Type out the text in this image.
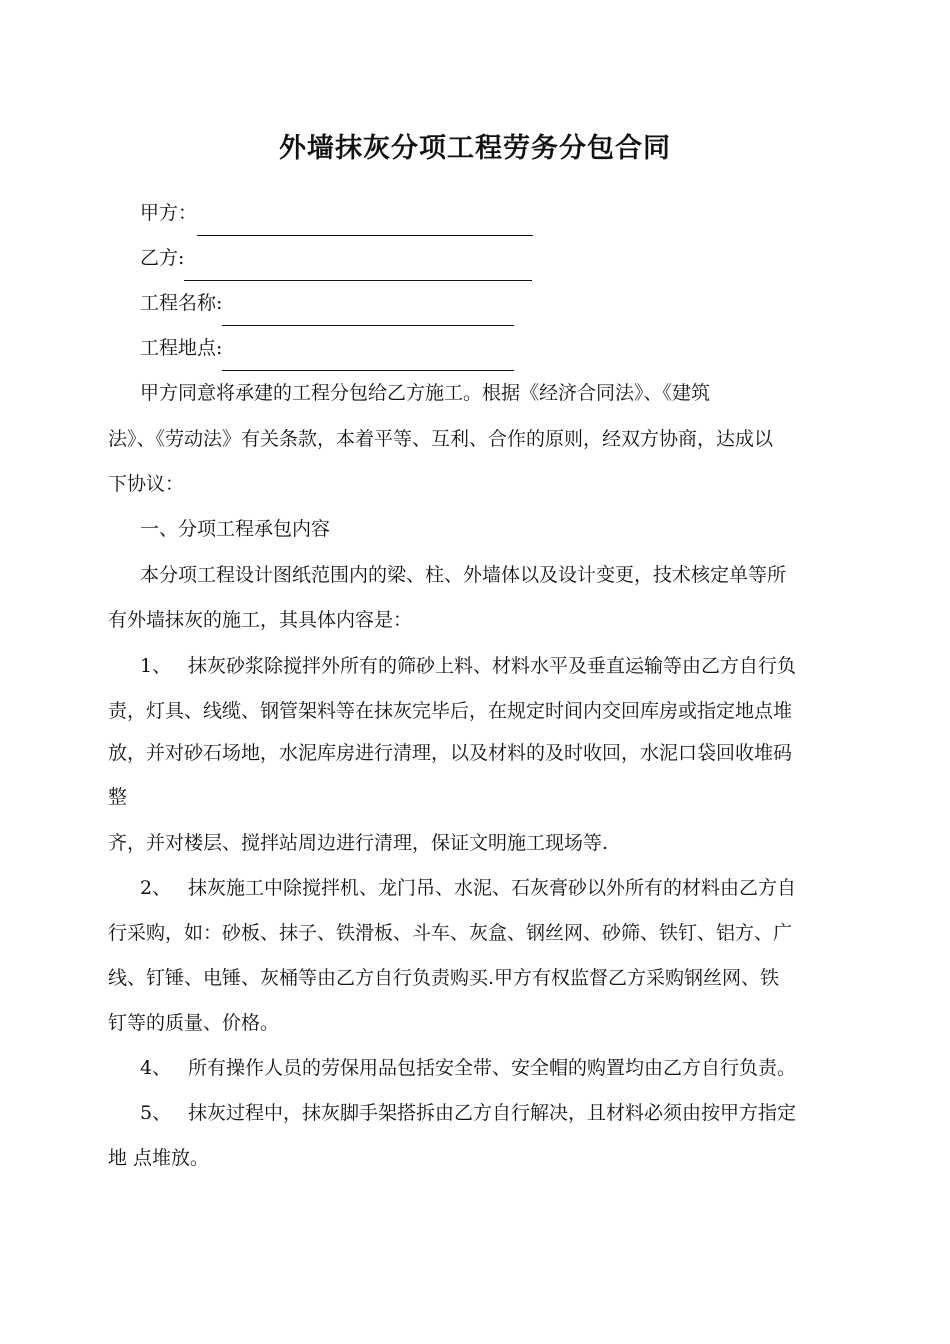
外墙抹灰分项工程劳务分包合同
甲方：
乙方:
工程名称:
工程地点:
甲方同意将承建的工程分包给乙方施工。根据《经济合同法》、《建筑
法》、《劳动法》有关条款，本着平等、互利、合作的原则，经双方协商，达成以
下协议：
一、分项工程承包内容
本分项工程设计图纸范围内的梁、柱、外墙体以及设计变更，技术核定单等所
有外墙抹灰的施工，其具体内容是：
1、 抹灰砂浆除搅拌外所有的筛砂上料、材料水平及垂直运输等由乙方自行负
责，灯具、线缆、钢管架料等在抹灰完毕后，在规定时间内交回库房或指定地点堆
放，并对砂石场地，水泥库房进行清理，以及材料的及时收回，水泥口袋回收堆码
整
齐，并对楼层、搅拌站周边进行清理，保证文明施工现场等.
2、 抹灰施工中除搅拌机、龙门吊、水泥、石灰膏砂以外所有的材料由乙方自
行采购，如：砂板、抹子、铁滑板、斗车、灰盒、钢丝网、砂筛、铁钉、铝方、广
线、钉锤、电锤、灰桶等由乙方自行负责购买.甲方有权监督乙方采购钢丝网、铁
钉等的质量、价格。
4、 所有操作人员的劳保用品包括安全带、安全帽的购置均由乙方自行负责。
5、 抹灰过程中，抹灰脚手架搭拆由乙方自行解决，且材料必须由按甲方指定
地 点堆放。
